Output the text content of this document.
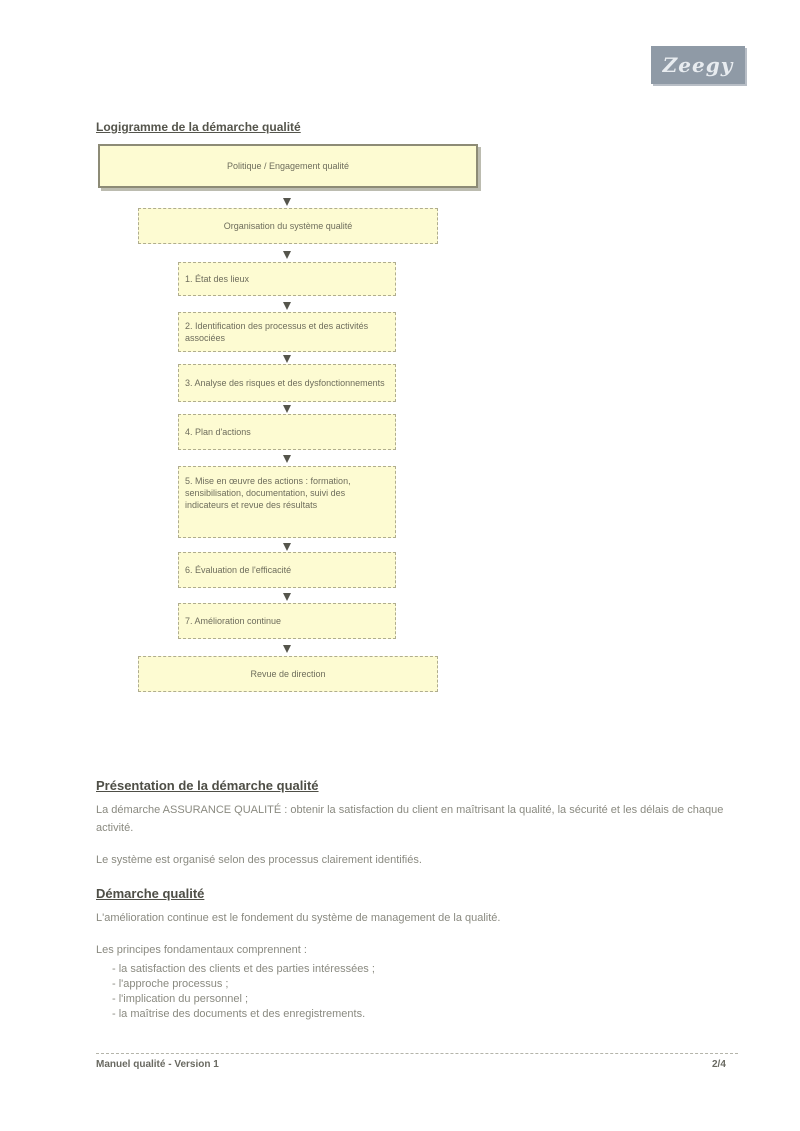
Zeegy
Logigramme de la démarche qualité
Politique / Engagement qualité
Organisation du système qualité
1. État des lieux
2. Identification des processus et des activités associées
3. Analyse des risques et des dysfonctionnements
4. Plan d'actions
5. Mise en œuvre des actions : formation, sensibilisation, documentation, suivi des indicateurs et revue des résultats
6. Évaluation de l'efficacité
7. Amélioration continue
Revue de direction
Présentation de la démarche qualité

La démarche ASSURANCE QUALITÉ : obtenir la satisfaction du client en maîtrisant la qualité, la sécurité et les délais de chaque activité.

Le système est organisé selon des processus clairement identifiés.

Démarche qualité

L'amélioration continue est le fondement du système de management de la qualité.

Les principes fondamentaux comprennent :

- la satisfaction des clients et des parties intéressées ;
- l'approche processus ;
- l'implication du personnel ;
- la maîtrise des documents et des enregistrements.
Manuel qualité - Version 1	2/4
